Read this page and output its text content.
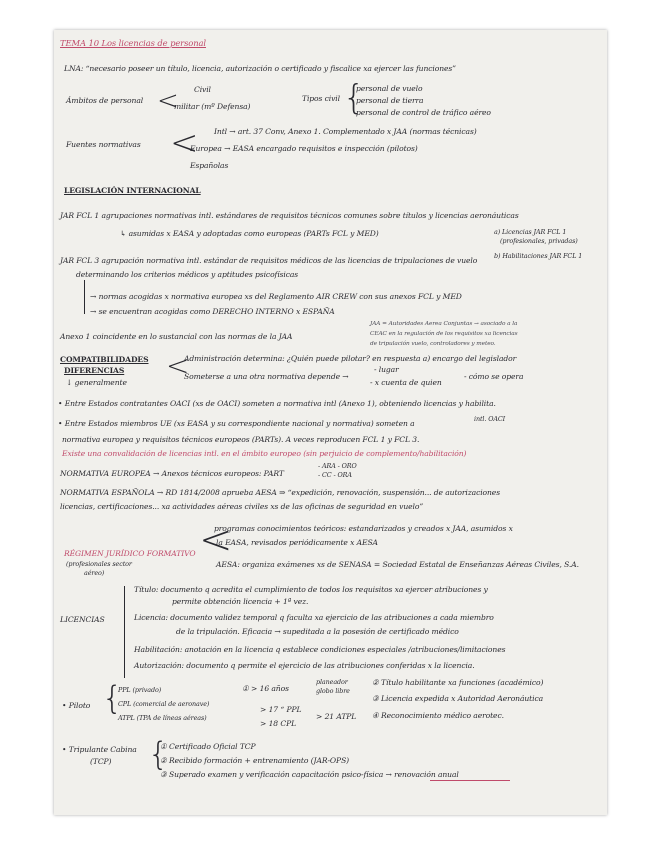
TEMA 10 Los licencias de personal
LNA: “necesario poseer un título, licencia, autorización o certificado y fiscalice xa ejercer las funciones”
Civil
Ámbitos de personal <
militar (mº Defensa)
Tipos civil {
personal de vuelo
personal de tierra
personal de control de tráfico aéreo
Intl → art. 37 Conv, Anexo 1. Complementado x JAA (normas técnicas)
Fuentes normativas <
Europea → EASA encargado requisitos e inspección (pilotos)
Españolas
LEGISLACIÓN INTERNACIONAL
JAR FCL 1 agrupaciones normativas intl. estándares de requisitos técnicos comunes sobre títulos y licencias aeronáuticas
↳ asumidas x EASA y adoptadas como europeas (PARTs FCL y MED)	a) Licencias JAR FCL 1
(profesionales, privadas)
b) Habilitaciones JAR FCL 1
JAR FCL 3 agrupación normativa intl. estándar de requisitos médicos de las licencias de tripulaciones de vuelo
determinando los criterios médicos y aptitudes psicofísicas
→ normas acogidas x normativa europea xs del Reglamento AIR CREW con sus anexos FCL y MED
→ se encuentran acogidas como DERECHO INTERNO x ESPAÑA
Anexo 1 coincidente en lo sustancial con las normas de la JAA
JAA = Autoridades Aerea Conjuntas → asociado a la
CEAC en la regulación de los requisitos xa licencias
de tripulación vuelo, controladores y meteo.
COMPATIBILIDADES
DIFERENCIAS
↓ generalmente
<
Administración determina: ¿Quién puede pilotar? en respuesta a) encargo del legislador
Someterse a una otra normativa depende →
- lugar
- x cuenta de quien
- cómo se opera
• Entre Estados contratantes OACI (xs de OACI) someten a normativa intl (Anexo 1), obteniendo licencias y habilita.
• Entre Estados miembros UE (xs EASA y su correspondiente nacional y normativa) someten a	intl. OACI
normativa europea y requisitos técnicos europeos (PARTs). A veces reproducen FCL 1 y FCL 3.
Existe una convalidación de licencias intl. en el ámbito europeo (sin perjuicio de complemento/habilitación)
NORMATIVA EUROPEA → Anexos técnicos europeos: PART
- ARA - ORO
- CC - ORA
NORMATIVA ESPAÑOLA → RD 1814/2008 aprueba AESA ⇒ “expedición, renovación, suspensión... de autorizaciones
licencias, certificaciones... xa actividades aéreas civiles xs de las oficinas de seguridad en vuelo”
programas conocimientos teóricos: estandarizados y creados x JAA, asumidos x
la EASA, revisados periódicamente x AESA
RÉGIMEN JURÍDICO FORMATIVO
(profesionales sector
aéreo)
<
AESA: organiza exámenes xs de SENASA = Sociedad Estatal de Enseñanzas Aéreas Civiles, S.A.
Título: documento q acredita el cumplimiento de todos los requisitos xa ejercer atribuciones y
permite obtención licencia + 1ª vez.
LICENCIAS	Licencia: documento validez temporal q faculta xa ejercicio de las atribuciones a cada miembro
de la tripulación. Eficacia → supeditada a la posesión de certificado médico
Habilitación: anotación en la licencia q establece condiciones especiales /atribuciones/limitaciones
Autorización: documento q permite el ejercicio de las atribuciones conferidas x la licencia.
PPL (privado)	① > 16 años
planeador
globo libre
② Título habilitante xa funciones (académico)
• Piloto {
CPL (comercial de aeronave)
③ Licencia expedida x Autoridad Aeronáutica
ATPL (TPA de líneas aéreas)
> 17 “ PPL
> 18 CPL
> 21 ATPL ④ Reconocimiento médico aerotec.
• Tripulante Cabina
(TCP) {
① Certificado Oficial TCP
② Recibido formación + entrenamiento (JAR-OPS)
③ Superado examen y verificación capacitación psico-física → renovación anual
